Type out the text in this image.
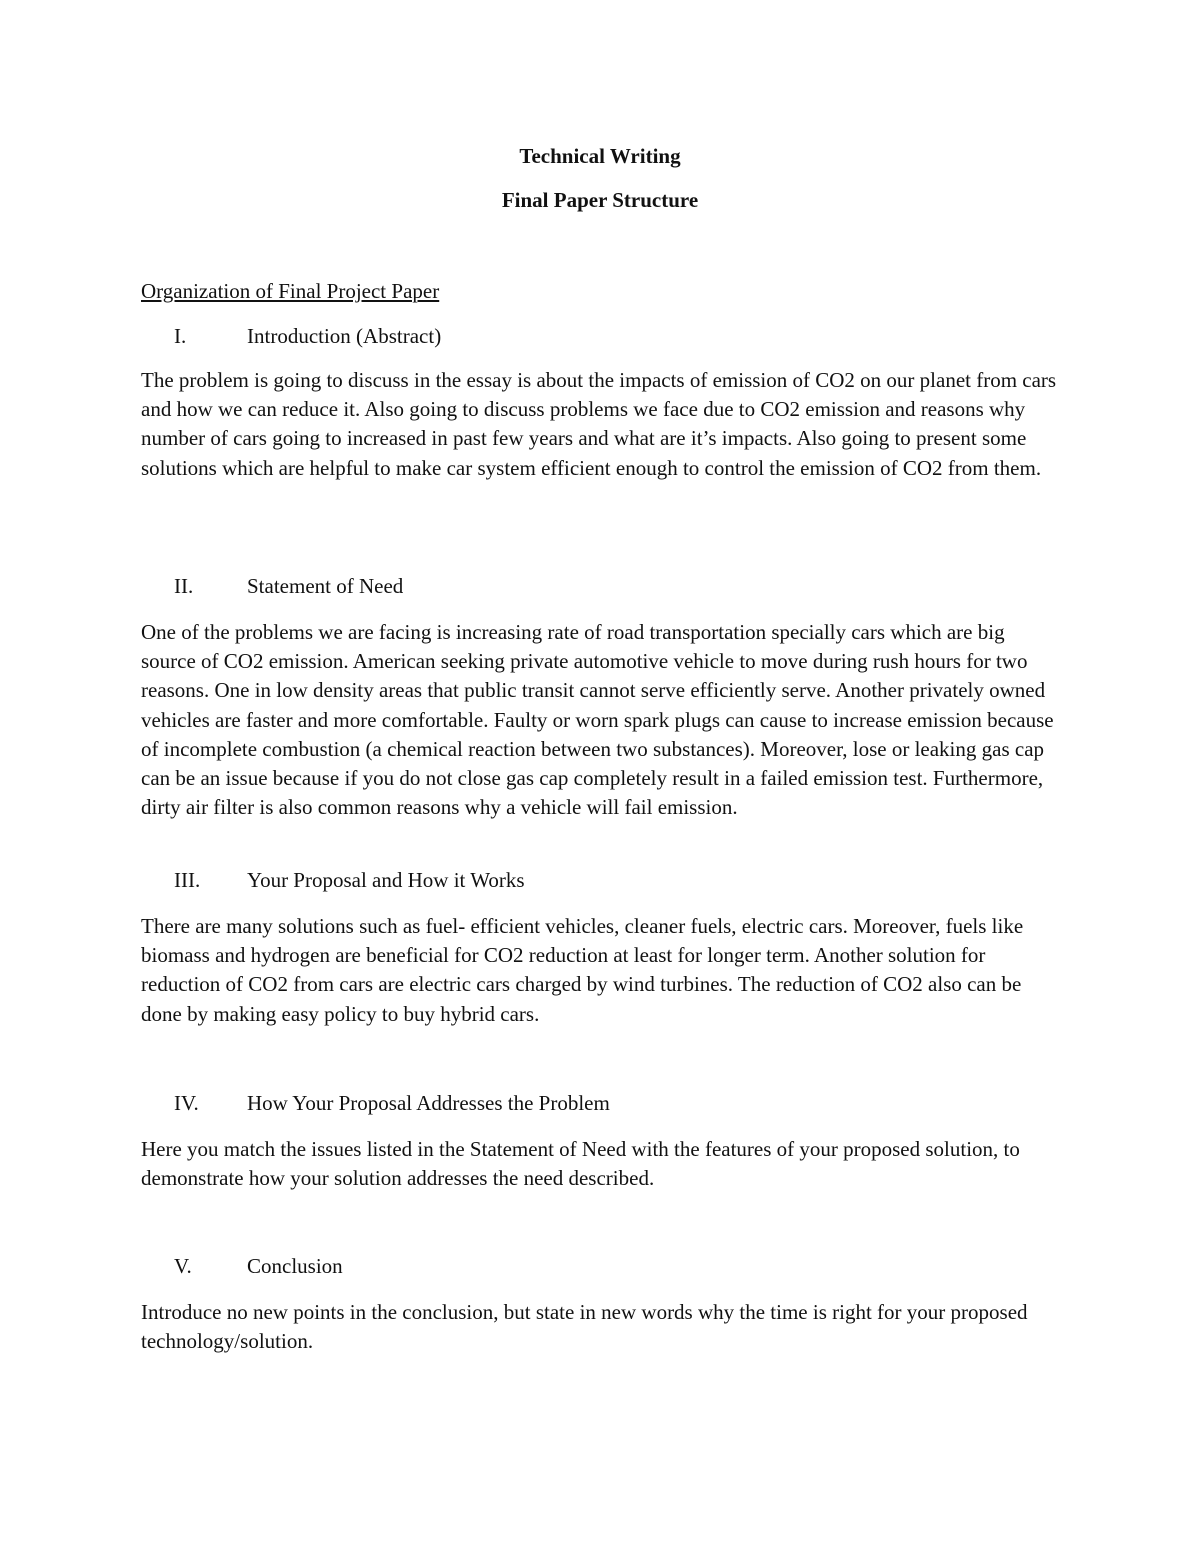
Technical Writing
Final Paper Structure

Organization of Final Project Paper

I.	Introduction (Abstract)

The problem is going to discuss in the essay is about the impacts of emission of CO2 on our planet from cars and how we can reduce it. Also going to discuss problems we face due to CO2 emission and reasons why number of cars going to increased in past few years and what are it’s impacts. Also going to present some solutions which are helpful to make car system efficient enough to control the emission of CO2 from them.

II.	Statement of Need

One of the problems we are facing is increasing rate of road transportation specially cars which are big source of CO2 emission. American seeking private automotive vehicle to move during rush hours for two reasons. One in low density areas that public transit cannot serve efficiently serve. Another privately owned vehicles are faster and more comfortable. Faulty or worn spark plugs can cause to increase emission because of incomplete combustion (a chemical reaction between two substances). Moreover, lose or leaking gas cap can be an issue because if you do not close gas cap completely result in a failed emission test. Furthermore, dirty air filter is also common reasons why a vehicle will fail emission.

III. Your Proposal and How it Works

There are many solutions such as fuel- efficient vehicles, cleaner fuels, electric cars. Moreover, fuels like biomass and hydrogen are beneficial for CO2 reduction at least for longer term. Another solution for reduction of CO2 from cars are electric cars charged by wind turbines. The reduction of CO2 also can be done by making easy policy to buy hybrid cars.

IV. How Your Proposal Addresses the Problem

Here you match the issues listed in the Statement of Need with the features of your proposed solution, to demonstrate how your solution addresses the need described.

V.	Conclusion

Introduce no new points in the conclusion, but state in new words why the time is right for your proposed technology/solution.
